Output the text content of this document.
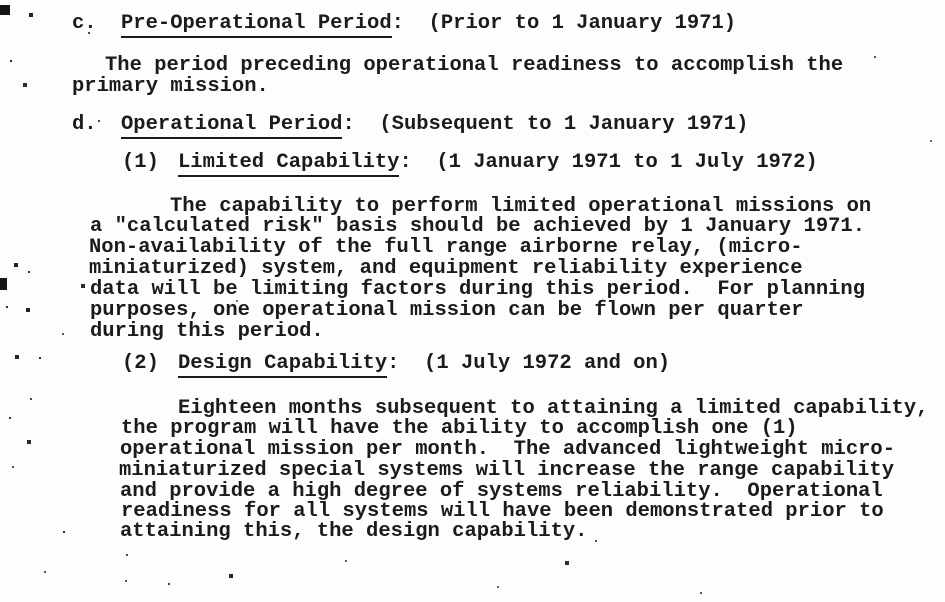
c. Pre-Operational Period:  (Prior to 1 January 1971)
The period preceding operational readiness to accomplish the
primary mission.
d. Operational Period:  (Subsequent to 1 January 1971)
(1) Limited Capability:  (1 January 1971 to 1 July 1972)
The capability to perform limited operational missions on
a "calculated risk" basis should be achieved by 1 January 1971.
Non-availability of the full range airborne relay, (micro-
miniaturized) system, and equipment reliability experience
data will be limiting factors during this period.  For planning
purposes, one operational mission can be flown per quarter
during this period.
(2) Design Capability:  (1 July 1972 and on)
Eighteen months subsequent to attaining a limited capability,
the program will have the ability to accomplish one (1)
operational mission per month.  The advanced lightweight micro-
miniaturized special systems will increase the range capability
and provide a high degree of systems reliability.  Operational
readiness for all systems will have been demonstrated prior to
attaining this, the design capability.
